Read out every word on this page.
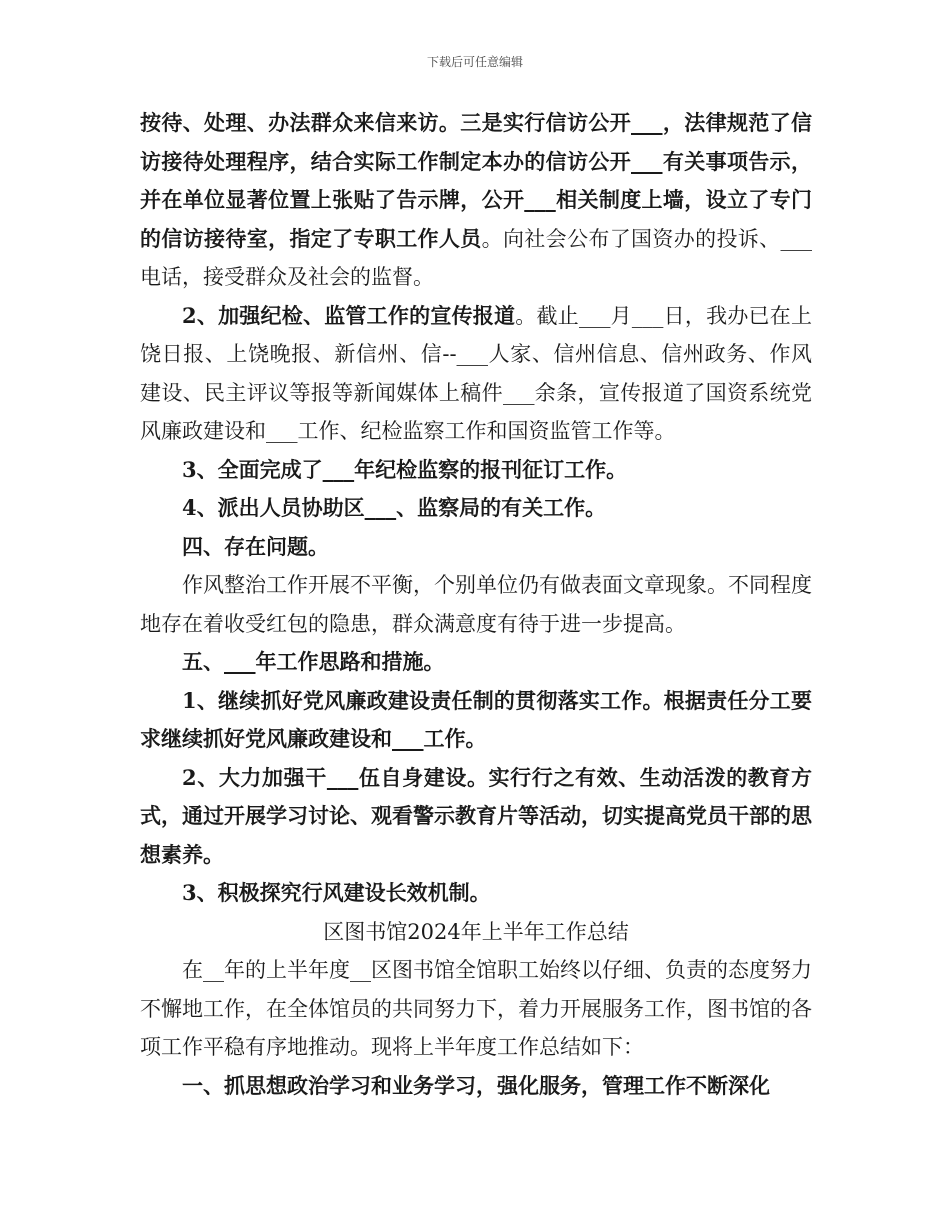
下载后可任意编辑

按待、处理、办法群众来信来访。三是实行信访公开___，法律规范了信访接待处理程序，结合实际工作制定本办的信访公开___有关事项告示，并在单位显著位置上张贴了告示牌，公开___相关制度上墙，设立了专门的信访接待室，指定了专职工作人员。向社会公布了国资办的投诉、___电话，接受群众及社会的监督。

2、加强纪检、监管工作的宣传报道。截止___月___日，我办已在上饶日报、上饶晚报、新信州、信--___人家、信州信息、信州政务、作风建设、民主评议等报等新闻媒体上稿件___余条，宣传报道了国资系统党风廉政建设和___工作、纪检监察工作和国资监管工作等。

3、全面完成了___年纪检监察的报刊征订工作。

4、派出人员协助区___、监察局的有关工作。

四、存在问题。

作风整治工作开展不平衡，个别单位仍有做表面文章现象。不同程度地存在着收受红包的隐患，群众满意度有待于进一步提高。

五、___年工作思路和措施。

1、继续抓好党风廉政建设责任制的贯彻落实工作。根据责任分工要求继续抓好党风廉政建设和___工作。

2、大力加强干___伍自身建设。实行行之有效、生动活泼的教育方式，通过开展学习讨论、观看警示教育片等活动，切实提高党员干部的思想素养。

3、积极探究行风建设长效机制。

区图书馆2024年上半年工作总结

在__年的上半年度__区图书馆全馆职工始终以仔细、负责的态度努力不懈地工作，在全体馆员的共同努力下，着力开展服务工作，图书馆的各项工作平稳有序地推动。现将上半年度工作总结如下：

一、抓思想政治学习和业务学习，强化服务，管理工作不断深化
